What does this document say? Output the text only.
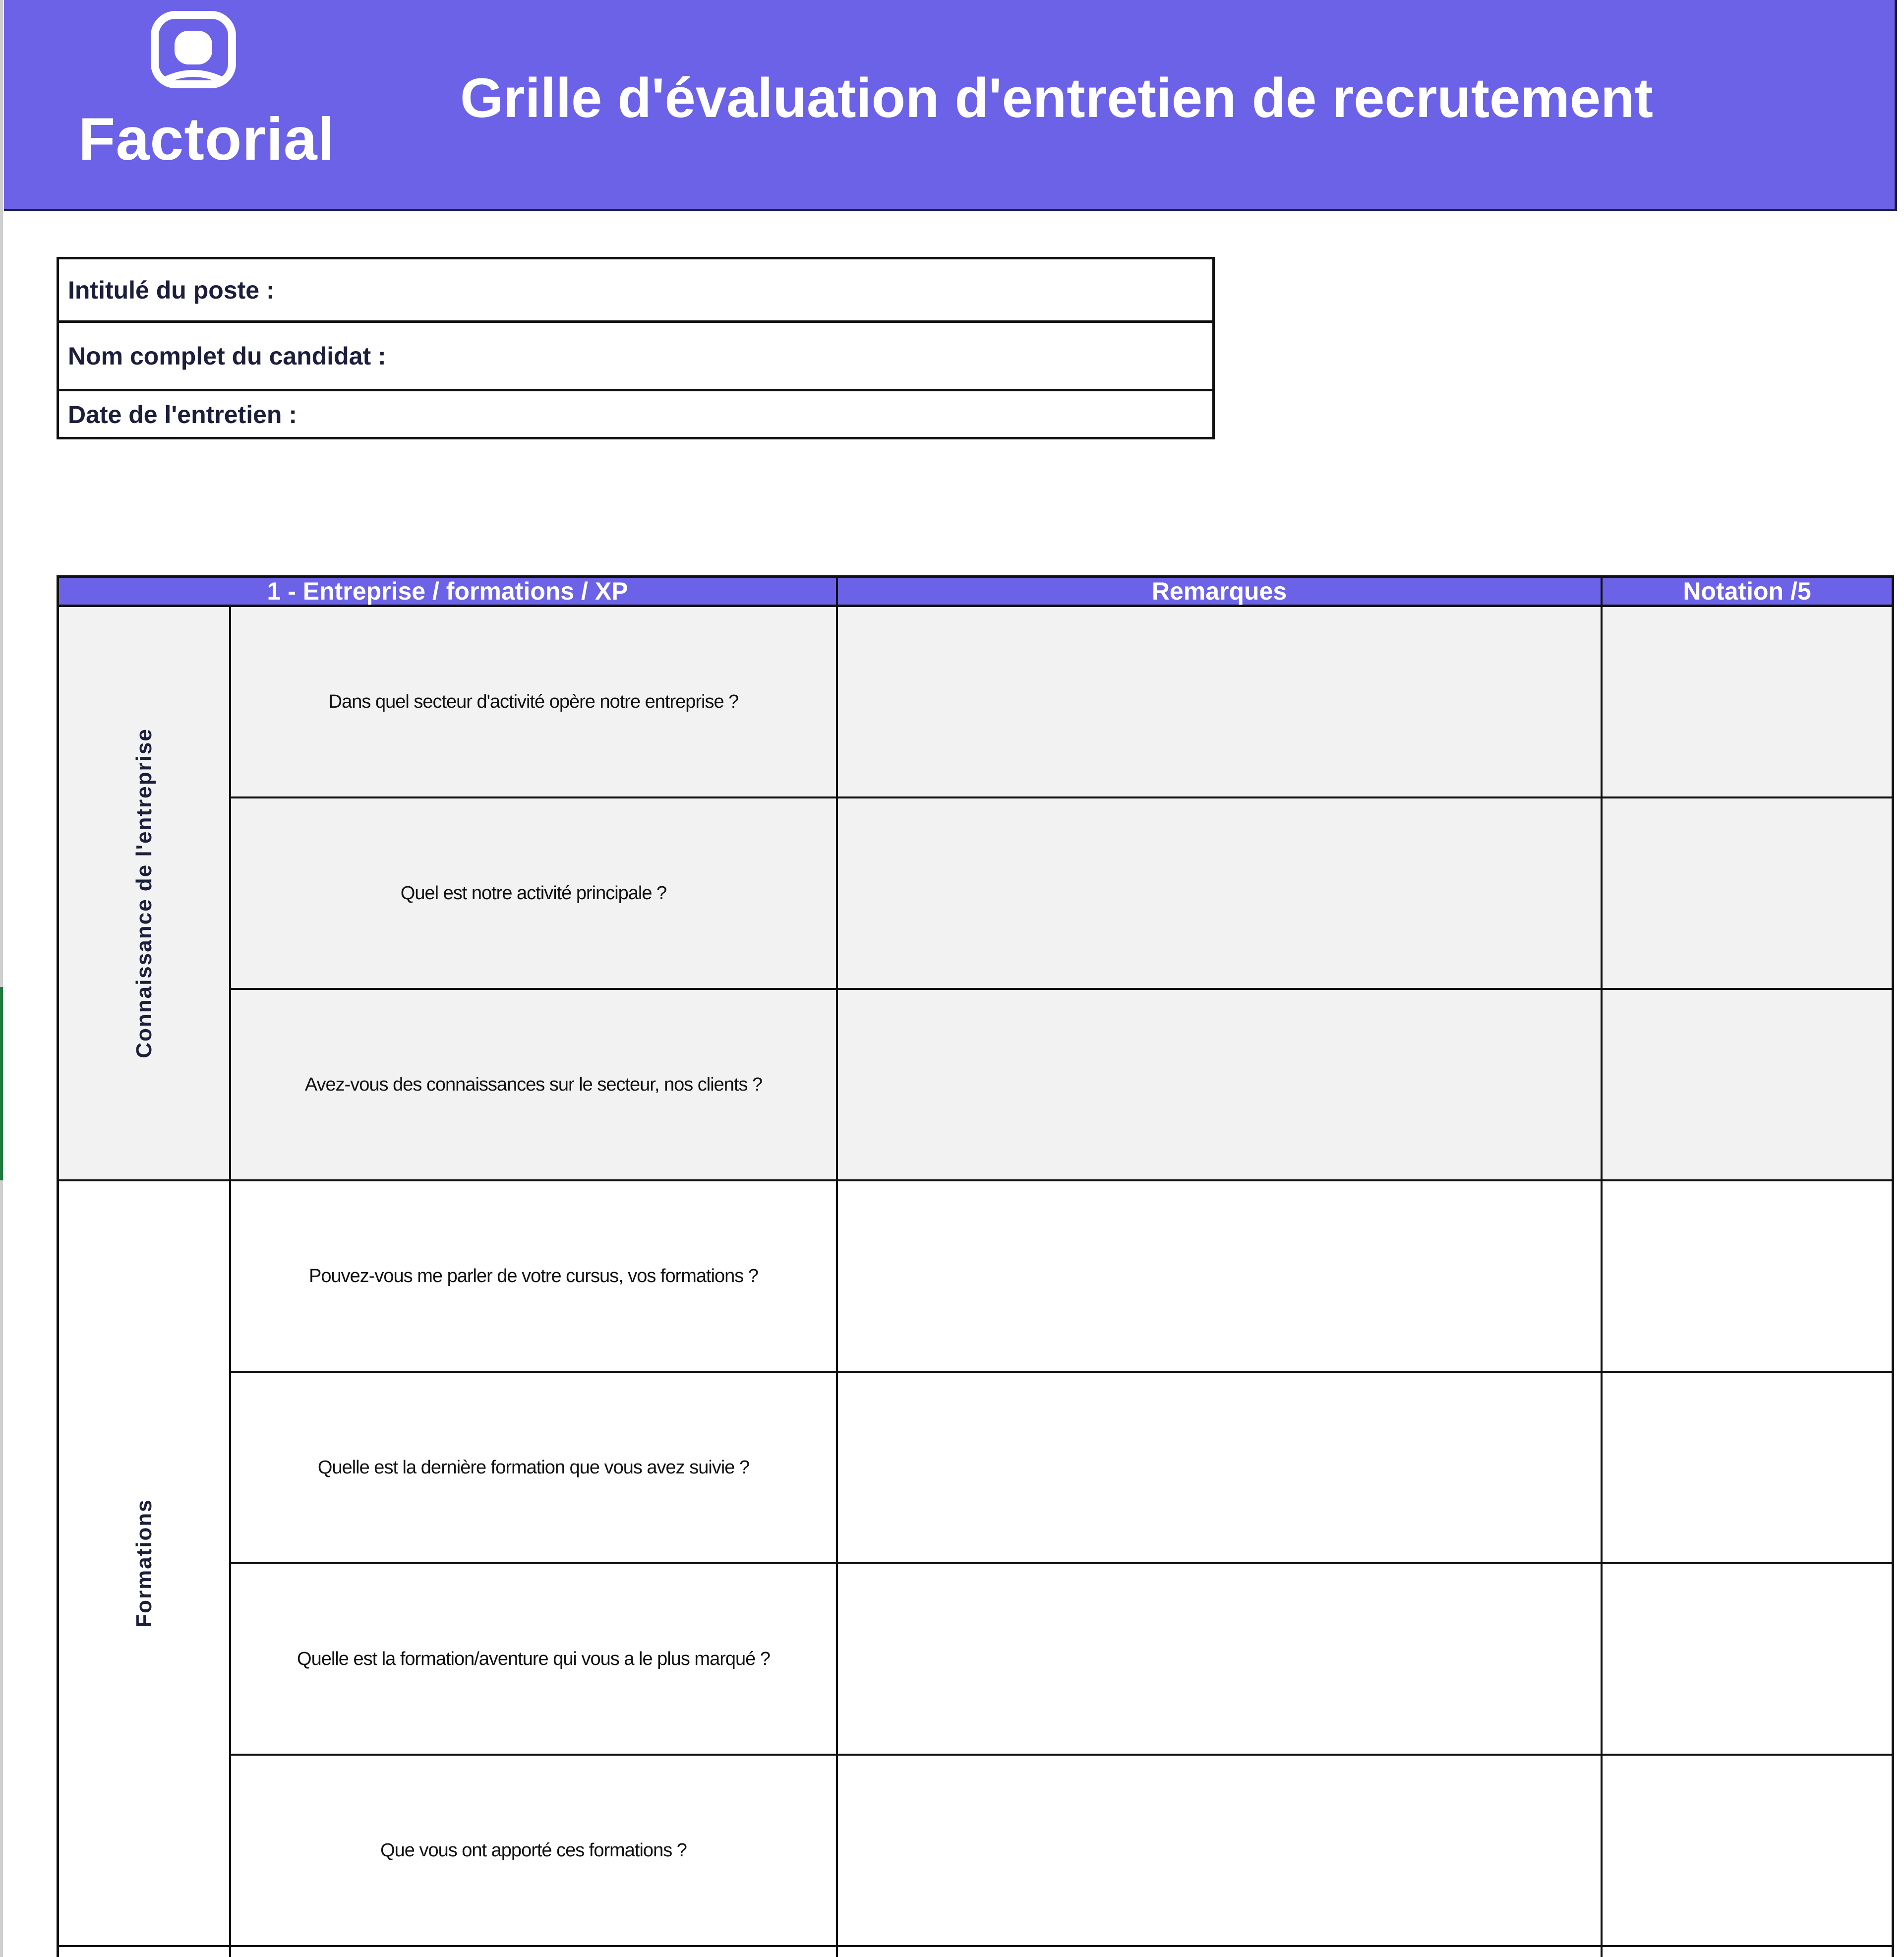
Factorial
Grille d'évaluation d'entretien de recrutement
Intitulé du poste :
Nom complet du candidat :
Date de l'entretien :
1 - Entreprise / formations / XP	Remarques	Notation /5
Connaissance de l'entreprise
Dans quel secteur d'activité opère notre entreprise ?
Quel est notre activité principale ?
Avez-vous des connaissances sur le secteur, nos clients ?
Formations
Pouvez-vous me parler de votre cursus, vos formations ?
Quelle est la dernière formation que vous avez suivie ?
Quelle est la formation/aventure qui vous a le plus marqué ?
Que vous ont apporté ces formations ?
